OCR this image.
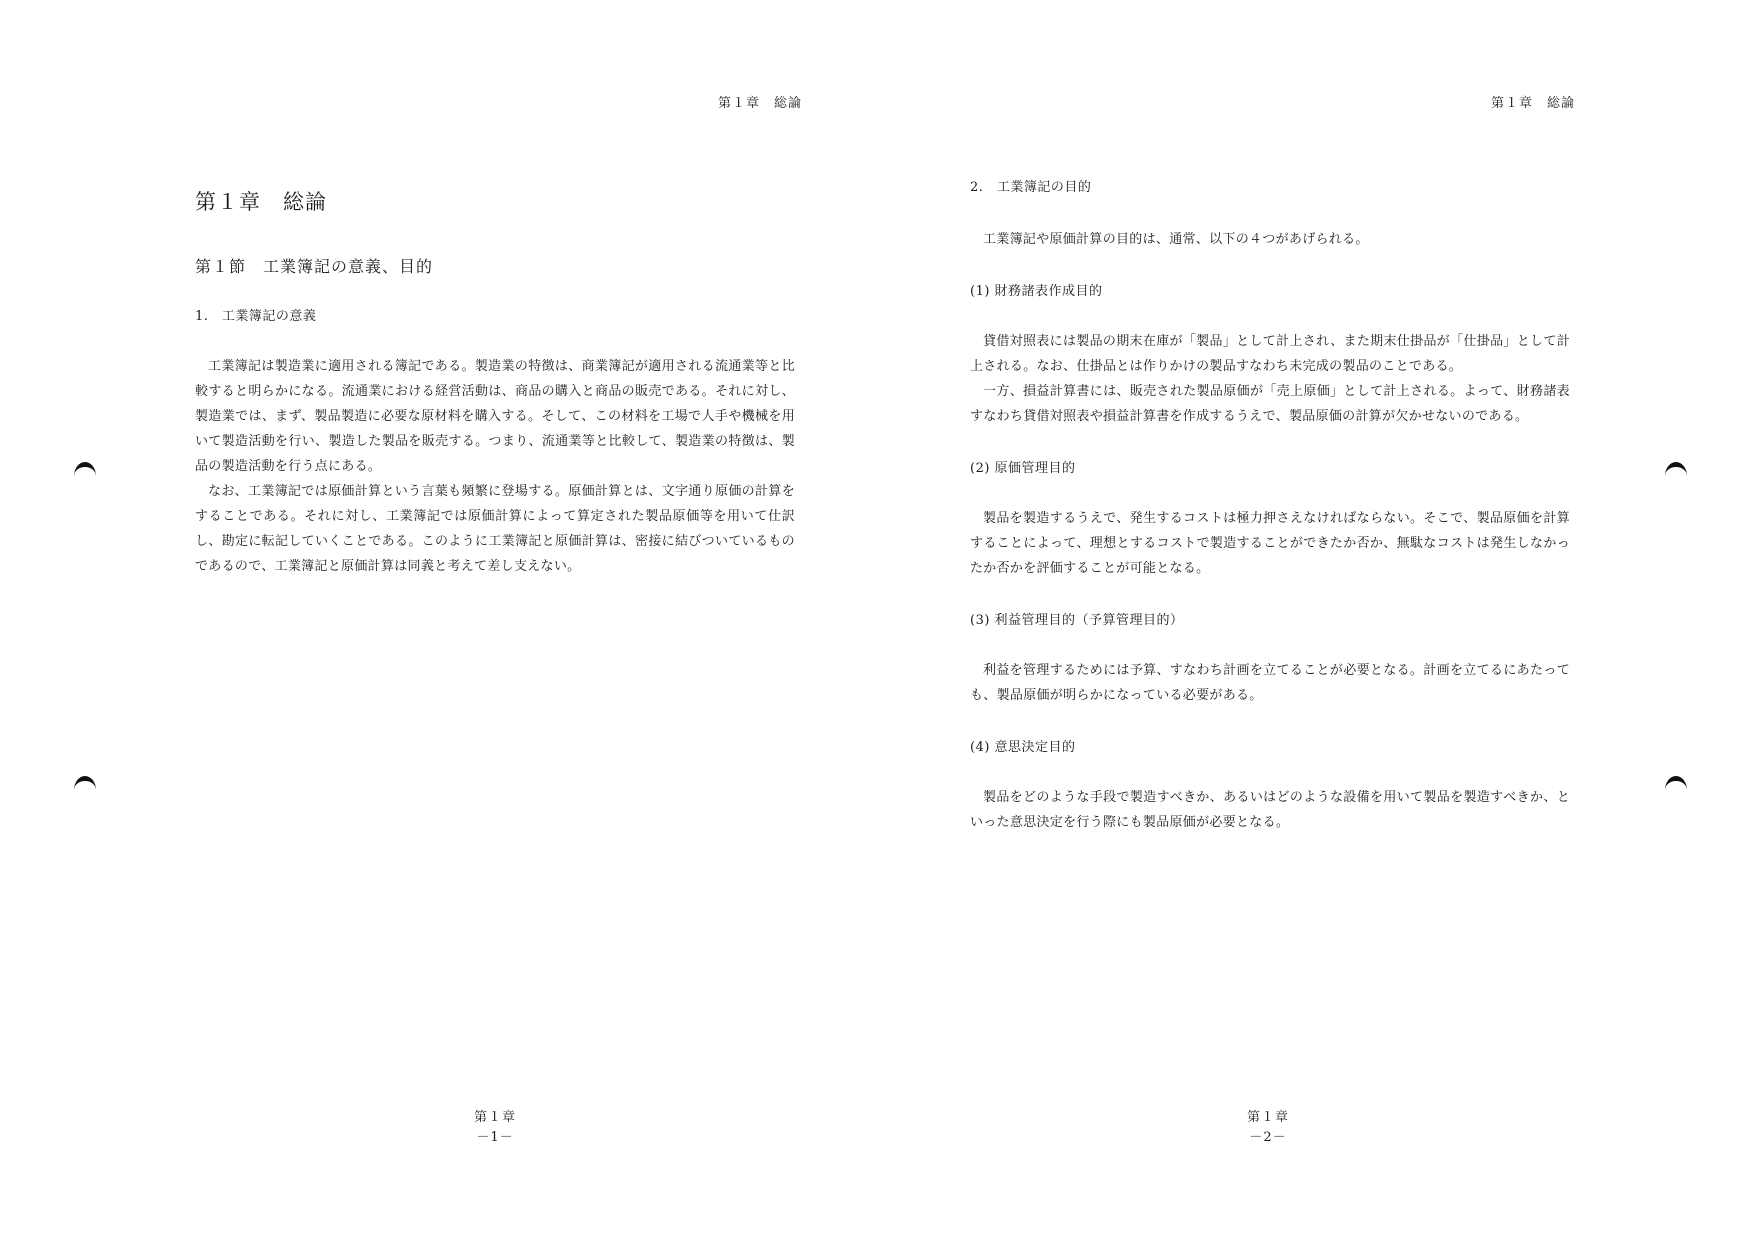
第１章　総論
第１章　総論
第１節　工業簿記の意義、目的
1.　工業簿記の意義

工業簿記は製造業に適用される簿記である。製造業の特徴は、商業簿記が適用される流通業等と比較すると明らかになる。流通業における経営活動は、商品の購入と商品の販売である。それに対し、製造業では、まず、製品製造に必要な原材料を購入する。そして、この材料を工場で人手や機械を用いて製造活動を行い、製造した製品を販売する。つまり、流通業等と比較して、製造業の特徴は、製品の製造活動を行う点にある。

なお、工業簿記では原価計算という言葉も頻繁に登場する。原価計算とは、文字通り原価の計算をすることである。それに対し、工業簿記では原価計算によって算定された製品原価等を用いて仕訳し、勘定に転記していくことである。このように工業簿記と原価計算は、密接に結びついているものであるので、工業簿記と原価計算は同義と考えて差し支えない。

第１章
－1－
第１章　総論
2.　工業簿記の目的

工業簿記や原価計算の目的は、通常、以下の４つがあげられる。

(1) 財務諸表作成目的

貸借対照表には製品の期末在庫が「製品」として計上され、また期末仕掛品が「仕掛品」として計上される。なお、仕掛品とは作りかけの製品すなわち未完成の製品のことである。

一方、損益計算書には、販売された製品原価が「売上原価」として計上される。よって、財務諸表すなわち貸借対照表や損益計算書を作成するうえで、製品原価の計算が欠かせないのである。

(2) 原価管理目的

製品を製造するうえで、発生するコストは極力押さえなければならない。そこで、製品原価を計算することによって、理想とするコストで製造することができたか否か、無駄なコストは発生しなかったか否かを評価することが可能となる。

(3) 利益管理目的（予算管理目的）

利益を管理するためには予算、すなわち計画を立てることが必要となる。計画を立てるにあたっても、製品原価が明らかになっている必要がある。

(4) 意思決定目的

製品をどのような手段で製造すべきか、あるいはどのような設備を用いて製品を製造すべきか、といった意思決定を行う際にも製品原価が必要となる。

第１章
－2－
